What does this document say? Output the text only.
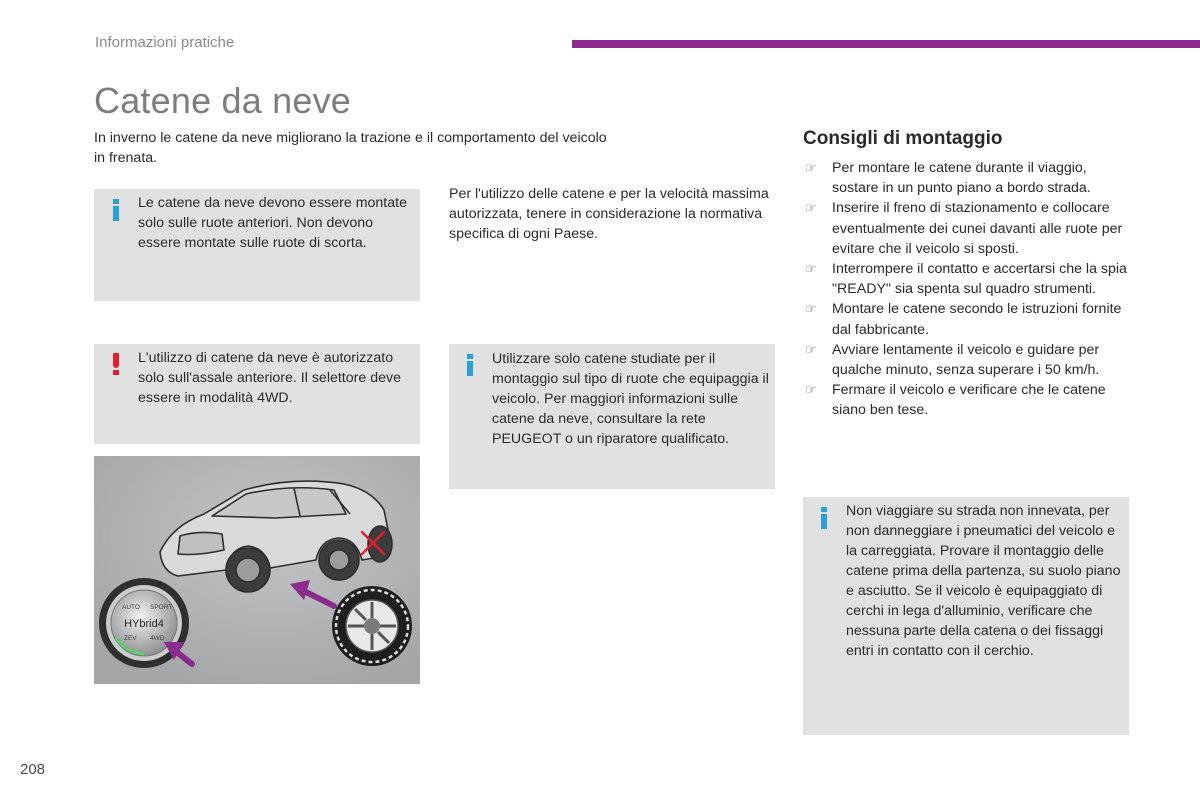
Informazioni pratiche
Catene da neve
In inverno le catene da neve migliorano la trazione e il comportamento del veicolo in frenata.
Le catene da neve devono essere montate solo sulle ruote anteriori. Non devono essere montate sulle ruote di scorta.
Per l'utilizzo delle catene e per la velocità massima autorizzata, tenere in considerazione la normativa specifica di ogni Paese.
L'utilizzo di catene da neve è autorizzato solo sull'assale anteriore. Il selettore deve essere in modalità 4WD.
Utilizzare solo catene studiate per il montaggio sul tipo di ruote che equipaggia il veicolo. Per maggiori informazioni sulle catene da neve, consultare la rete PEUGEOT o un riparatore qualificato.
AUTO SPORT
HYbrid4
ZEV 4WD
Consigli di montaggio
☞ Per montare le catene durante il viaggio, sostare in un punto piano a bordo strada.
☞ Inserire il freno di stazionamento e collocare eventualmente dei cunei davanti alle ruote per evitare che il veicolo si sposti.
☞ Interrompere il contatto e accertarsi che la spia "READY" sia spenta sul quadro strumenti.
☞ Montare le catene secondo le istruzioni fornite dal fabbricante.
☞ Avviare lentamente il veicolo e guidare per qualche minuto, senza superare i 50 km/h.
☞ Fermare il veicolo e verificare che le catene siano ben tese.
Non viaggiare su strada non innevata, per non danneggiare i pneumatici del veicolo e la carreggiata. Provare il montaggio delle catene prima della partenza, su suolo piano e asciutto. Se il veicolo è equipaggiato di cerchi in lega d'alluminio, verificare che nessuna parte della catena o dei fissaggi entri in contatto con il cerchio.
208
